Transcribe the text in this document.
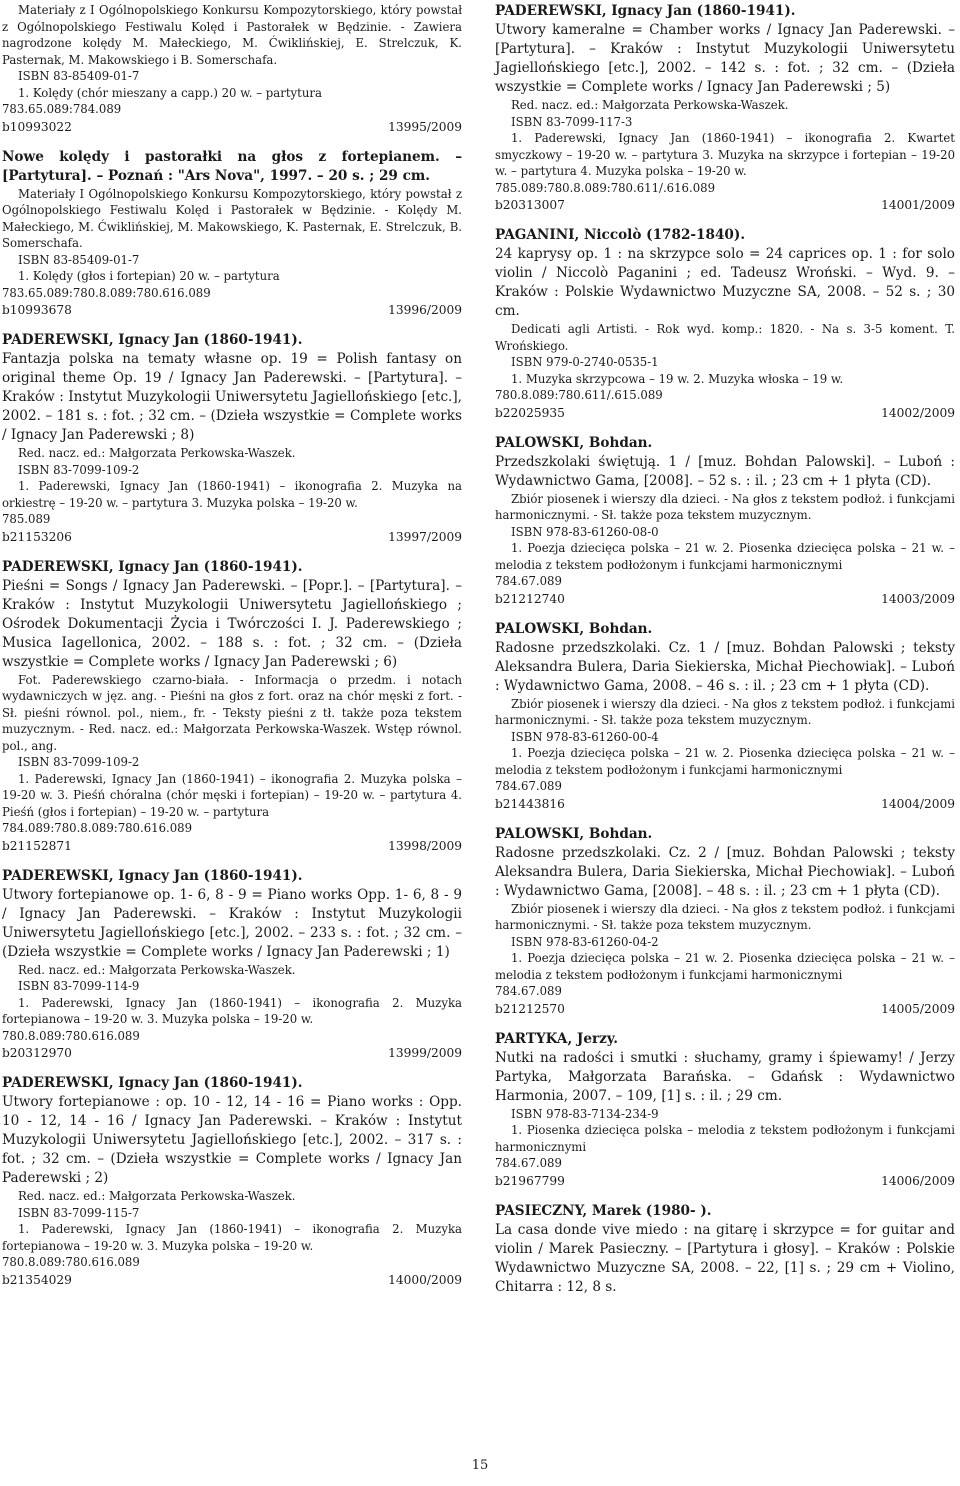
Materiały z I Ogólnopolskiego Konkursu Kompozytorskiego, który powstał z Ogólnopolskiego Festiwalu Kolęd i Pastorałek w Będzinie. - Zawiera nagrodzone kolędy M. Małeckiego, M. Ćwiklińskiej, E. Strelczuk, K. Pasternak, M. Makowskiego i B. Somerschafa.

ISBN 83-85409-01-7

1. Kolędy (chór mieszany a capp.) 20 w. – partytura

783.65.089:784.089

b10993022	13995/2009

Nowe kolędy i pastorałki na głos z fortepianem. – [Partytura]. – Poznań : "Ars Nova", 1997. – 20 s. ; 29 cm.

Materiały I Ogólnopolskiego Konkursu Kompozytorskiego, który powstał z Ogólnopolskiego Festiwalu Kolęd i Pastorałek w Będzinie. - Kolędy M. Małeckiego, M. Ćwiklińskiej, M. Makowskiego, K. Pasternak, E. Strelczuk, B. Somerschafa.

ISBN 83-85409-01-7

1. Kolędy (głos i fortepian) 20 w. – partytura

783.65.089:780.8.089:780.616.089

b10993678	13996/2009

PADEREWSKI, Ignacy Jan (1860-1941).

Fantazja polska na tematy własne op. 19 = Polish fantasy on original theme Op. 19 / Ignacy Jan Paderewski. – [Partytura]. – Kraków : Instytut Muzykologii Uniwersytetu Jagiellońskiego [etc.], 2002. – 181 s. : fot. ; 32 cm. – (Dzieła wszystkie = Complete works / Ignacy Jan Paderewski ; 8)

Red. nacz. ed.: Małgorzata Perkowska-Waszek.

ISBN 83-7099-109-2

1. Paderewski, Ignacy Jan (1860-1941) – ikonografia 2. Muzyka na orkiestrę – 19-20 w. – partytura 3. Muzyka polska – 19-20 w.

785.089

b21153206	13997/2009

PADEREWSKI, Ignacy Jan (1860-1941).

Pieśni = Songs / Ignacy Jan Paderewski. – [Popr.]. – [Partytura]. – Kraków : Instytut Muzykologii Uniwersytetu Jagiellońskiego ; Ośrodek Dokumentacji Życia i Twórczości I. J. Paderewskiego ; Musica Iagellonica, 2002. – 188 s. : fot. ; 32 cm. – (Dzieła wszystkie = Complete works / Ignacy Jan Paderewski ; 6)

Fot. Paderewskiego czarno-biała. - Informacja o przedm. i notach wydawniczych w jęz. ang. - Pieśni na głos z fort. oraz na chór męski z fort. - Sł. pieśni równol. pol., niem., fr. - Teksty pieśni z tł. także poza tekstem muzycznym. - Red. nacz. ed.: Małgorzata Perkowska-Waszek. Wstęp równol. pol., ang.

ISBN 83-7099-109-2

1. Paderewski, Ignacy Jan (1860-1941) – ikonografia 2. Muzyka polska – 19-20 w. 3. Pieśń chóralna (chór męski i fortepian) – 19-20 w. – partytura 4. Pieśń (głos i fortepian) – 19-20 w. – partytura

784.089:780.8.089:780.616.089

b21152871	13998/2009

PADEREWSKI, Ignacy Jan (1860-1941).

Utwory fortepianowe op. 1- 6, 8 - 9 = Piano works Opp. 1- 6, 8 - 9 / Ignacy Jan Paderewski. – Kraków : Instytut Muzykologii Uniwersytetu Jagiellońskiego [etc.], 2002. – 233 s. : fot. ; 32 cm. – (Dzieła wszystkie = Complete works / Ignacy Jan Paderewski ; 1)

Red. nacz. ed.: Małgorzata Perkowska-Waszek.

ISBN 83-7099-114-9

1. Paderewski, Ignacy Jan (1860-1941) – ikonografia 2. Muzyka fortepianowa – 19-20 w. 3. Muzyka polska – 19-20 w.

780.8.089:780.616.089

b20312970	13999/2009

PADEREWSKI, Ignacy Jan (1860-1941).

Utwory fortepianowe : op. 10 - 12, 14 - 16 = Piano works : Opp. 10 - 12, 14 - 16 / Ignacy Jan Paderewski. – Kraków : Instytut Muzykologii Uniwersytetu Jagiellońskiego [etc.], 2002. – 317 s. : fot. ; 32 cm. – (Dzieła wszystkie = Complete works / Ignacy Jan Paderewski ; 2)

Red. nacz. ed.: Małgorzata Perkowska-Waszek.

ISBN 83-7099-115-7

1. Paderewski, Ignacy Jan (1860-1941) – ikonografia 2. Muzyka fortepianowa – 19-20 w. 3. Muzyka polska – 19-20 w.

780.8.089:780.616.089

b21354029	14000/2009

PADEREWSKI, Ignacy Jan (1860-1941).

Utwory kameralne = Chamber works / Ignacy Jan Paderewski. – [Partytura]. – Kraków : Instytut Muzykologii Uniwersytetu Jagiellońskiego [etc.], 2002. – 142 s. : fot. ; 32 cm. – (Dzieła wszystkie = Complete works / Ignacy Jan Paderewski ; 5)

Red. nacz. ed.: Małgorzata Perkowska-Waszek.

ISBN 83-7099-117-3

1. Paderewski, Ignacy Jan (1860-1941) – ikonografia 2. Kwartet smyczkowy – 19-20 w. – partytura 3. Muzyka na skrzypce i fortepian – 19-20 w. – partytura 4. Muzyka polska – 19-20 w.

785.089:780.8.089:780.611/.616.089

b20313007	14001/2009

PAGANINI, Niccolò (1782-1840).

24 kaprysy op. 1 : na skrzypce solo = 24 caprices op. 1 : for solo violin / Niccolò Paganini ; ed. Tadeusz Wroński. – Wyd. 9. – Kraków : Polskie Wydawnictwo Muzyczne SA, 2008. – 52 s. ; 30 cm.

Dedicati agli Artisti. - Rok wyd. komp.: 1820. - Na s. 3-5 koment. T. Wrońskiego.

ISBN 979-0-2740-0535-1

1. Muzyka skrzypcowa – 19 w. 2. Muzyka włoska – 19 w.

780.8.089:780.611/.615.089

b22025935	14002/2009

PALOWSKI, Bohdan.

Przedszkolaki świętują. 1 / [muz. Bohdan Palowski]. – Luboń : Wydawnictwo Gama, [2008]. – 52 s. : il. ; 23 cm + 1 płyta (CD).

Zbiór piosenek i wierszy dla dzieci. - Na głos z tekstem podłoż. i funkcjami harmonicznymi. - Sł. także poza tekstem muzycznym.

ISBN 978-83-61260-08-0

1. Poezja dziecięca polska – 21 w. 2. Piosenka dziecięca polska – 21 w. – melodia z tekstem podłożonym i funkcjami harmonicznymi

784.67.089

b21212740	14003/2009

PALOWSKI, Bohdan.

Radosne przedszkolaki. Cz. 1 / [muz. Bohdan Palowski ; teksty Aleksandra Bulera, Daria Siekierska, Michał Piechowiak]. – Luboń : Wydawnictwo Gama, 2008. – 46 s. : il. ; 23 cm + 1 płyta (CD).

Zbiór piosenek i wierszy dla dzieci. - Na głos z tekstem podłoż. i funkcjami harmonicznymi. - Sł. także poza tekstem muzycznym.

ISBN 978-83-61260-00-4

1. Poezja dziecięca polska – 21 w. 2. Piosenka dziecięca polska – 21 w. – melodia z tekstem podłożonym i funkcjami harmonicznymi

784.67.089

b21443816	14004/2009

PALOWSKI, Bohdan.

Radosne przedszkolaki. Cz. 2 / [muz. Bohdan Palowski ; teksty Aleksandra Bulera, Daria Siekierska, Michał Piechowiak]. – Luboń : Wydawnictwo Gama, [2008]. – 48 s. : il. ; 23 cm + 1 płyta (CD).

Zbiór piosenek i wierszy dla dzieci. - Na głos z tekstem podłoż. i funkcjami harmonicznymi. - Sł. także poza tekstem muzycznym.

ISBN 978-83-61260-04-2

1. Poezja dziecięca polska – 21 w. 2. Piosenka dziecięca polska – 21 w. – melodia z tekstem podłożonym i funkcjami harmonicznymi

784.67.089

b21212570	14005/2009

PARTYKA, Jerzy.

Nutki na radości i smutki : słuchamy, gramy i śpiewamy! / Jerzy Partyka, Małgorzata Barańska. – Gdańsk : Wydawnictwo Harmonia, 2007. – 109, [1] s. : il. ; 29 cm.

ISBN 978-83-7134-234-9

1. Piosenka dziecięca polska – melodia z tekstem podłożonym i funkcjami harmonicznymi

784.67.089

b21967799	14006/2009

PASIECZNY, Marek (1980- ).

La casa donde vive miedo : na gitarę i skrzypce = for guitar and violin / Marek Pasieczny. – [Partytura i głosy]. – Kraków : Polskie Wydawnictwo Muzyczne SA, 2008. – 22, [1] s. ; 29 cm + Violino, Chitarra : 12, 8 s.

15
